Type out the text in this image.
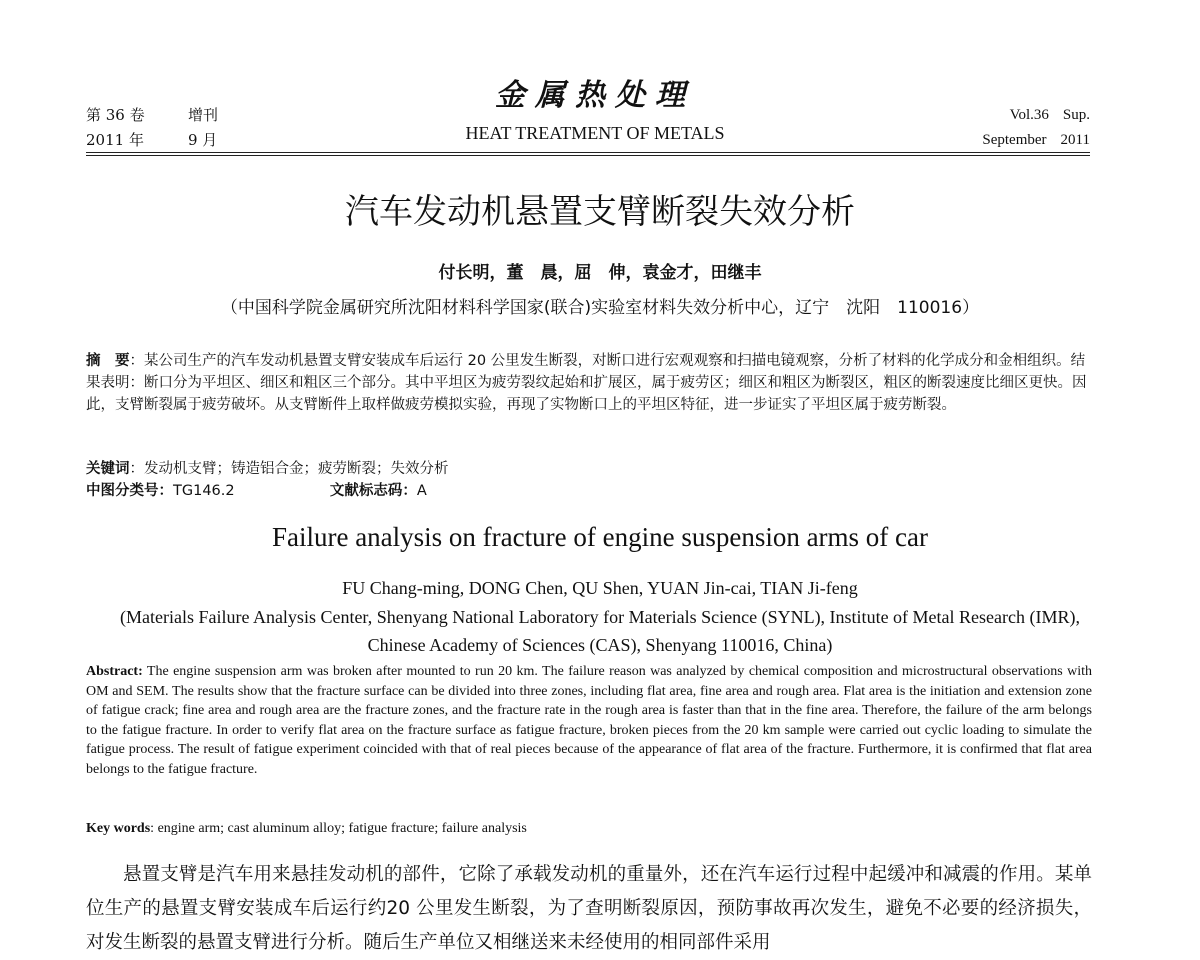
第 36 卷	增刊
2011 年	9 月
金属热处理
HEAT TREATMENT OF METALS
Vol.36 Sup.
September 2011
汽车发动机悬置支臂断裂失效分析
付长明，董　晨，屈　伸，袁金才，田继丰
（中国科学院金属研究所沈阳材料科学国家(联合)实验室材料失效分析中心，辽宁　沈阳　110016）
摘　要：某公司生产的汽车发动机悬置支臂安装成车后运行 20 公里发生断裂，对断口进行宏观观察和扫描电镜观察，分析了材料的化学成分和金相组织。结果表明：断口分为平坦区、细区和粗区三个部分。其中平坦区为疲劳裂纹起始和扩展区，属于疲劳区；细区和粗区为断裂区，粗区的断裂速度比细区更快。因此，支臂断裂属于疲劳破坏。从支臂断件上取样做疲劳模拟实验，再现了实物断口上的平坦区特征，进一步证实了平坦区属于疲劳断裂。
关键词：发动机支臂；铸造铝合金；疲劳断裂；失效分析
中图分类号：TG146.2	文献标志码：A
Failure analysis on fracture of engine suspension arms of car
FU Chang-ming, DONG Chen, QU Shen, YUAN Jin-cai, TIAN Ji-feng
(Materials Failure Analysis Center, Shenyang National Laboratory for Materials Science (SYNL), Institute of Metal Research (IMR), Chinese Academy of Sciences (CAS), Shenyang 110016, China)
Abstract: The engine suspension arm was broken after mounted to run 20 km. The failure reason was analyzed by chemical composition and microstructural observations with OM and SEM. The results show that the fracture surface can be divided into three zones, including flat area, fine area and rough area. Flat area is the initiation and extension zone of fatigue crack; fine area and rough area are the fracture zones, and the fracture rate in the rough area is faster than that in the fine area. Therefore, the failure of the arm belongs to the fatigue fracture. In order to verify flat area on the fracture surface as fatigue fracture, broken pieces from the 20 km sample were carried out cyclic loading to simulate the fatigue process. The result of fatigue experiment coincided with that of real pieces because of the appearance of flat area of the fracture. Furthermore, it is confirmed that flat area belongs to the fatigue fracture.
Key words: engine arm; cast aluminum alloy; fatigue fracture; failure analysis
悬置支臂是汽车用来悬挂发动机的部件，它除了承载发动机的重量外，还在汽车运行过程中起缓冲和减震的作用。某单位生产的悬置支臂安装成车后运行约20 公里发生断裂，为了查明断裂原因，预防事故再次发生，避免不必要的经济损失，对发生断裂的悬置支臂进行分析。随后生产单位又相继送来未经使用的相同部件采用
